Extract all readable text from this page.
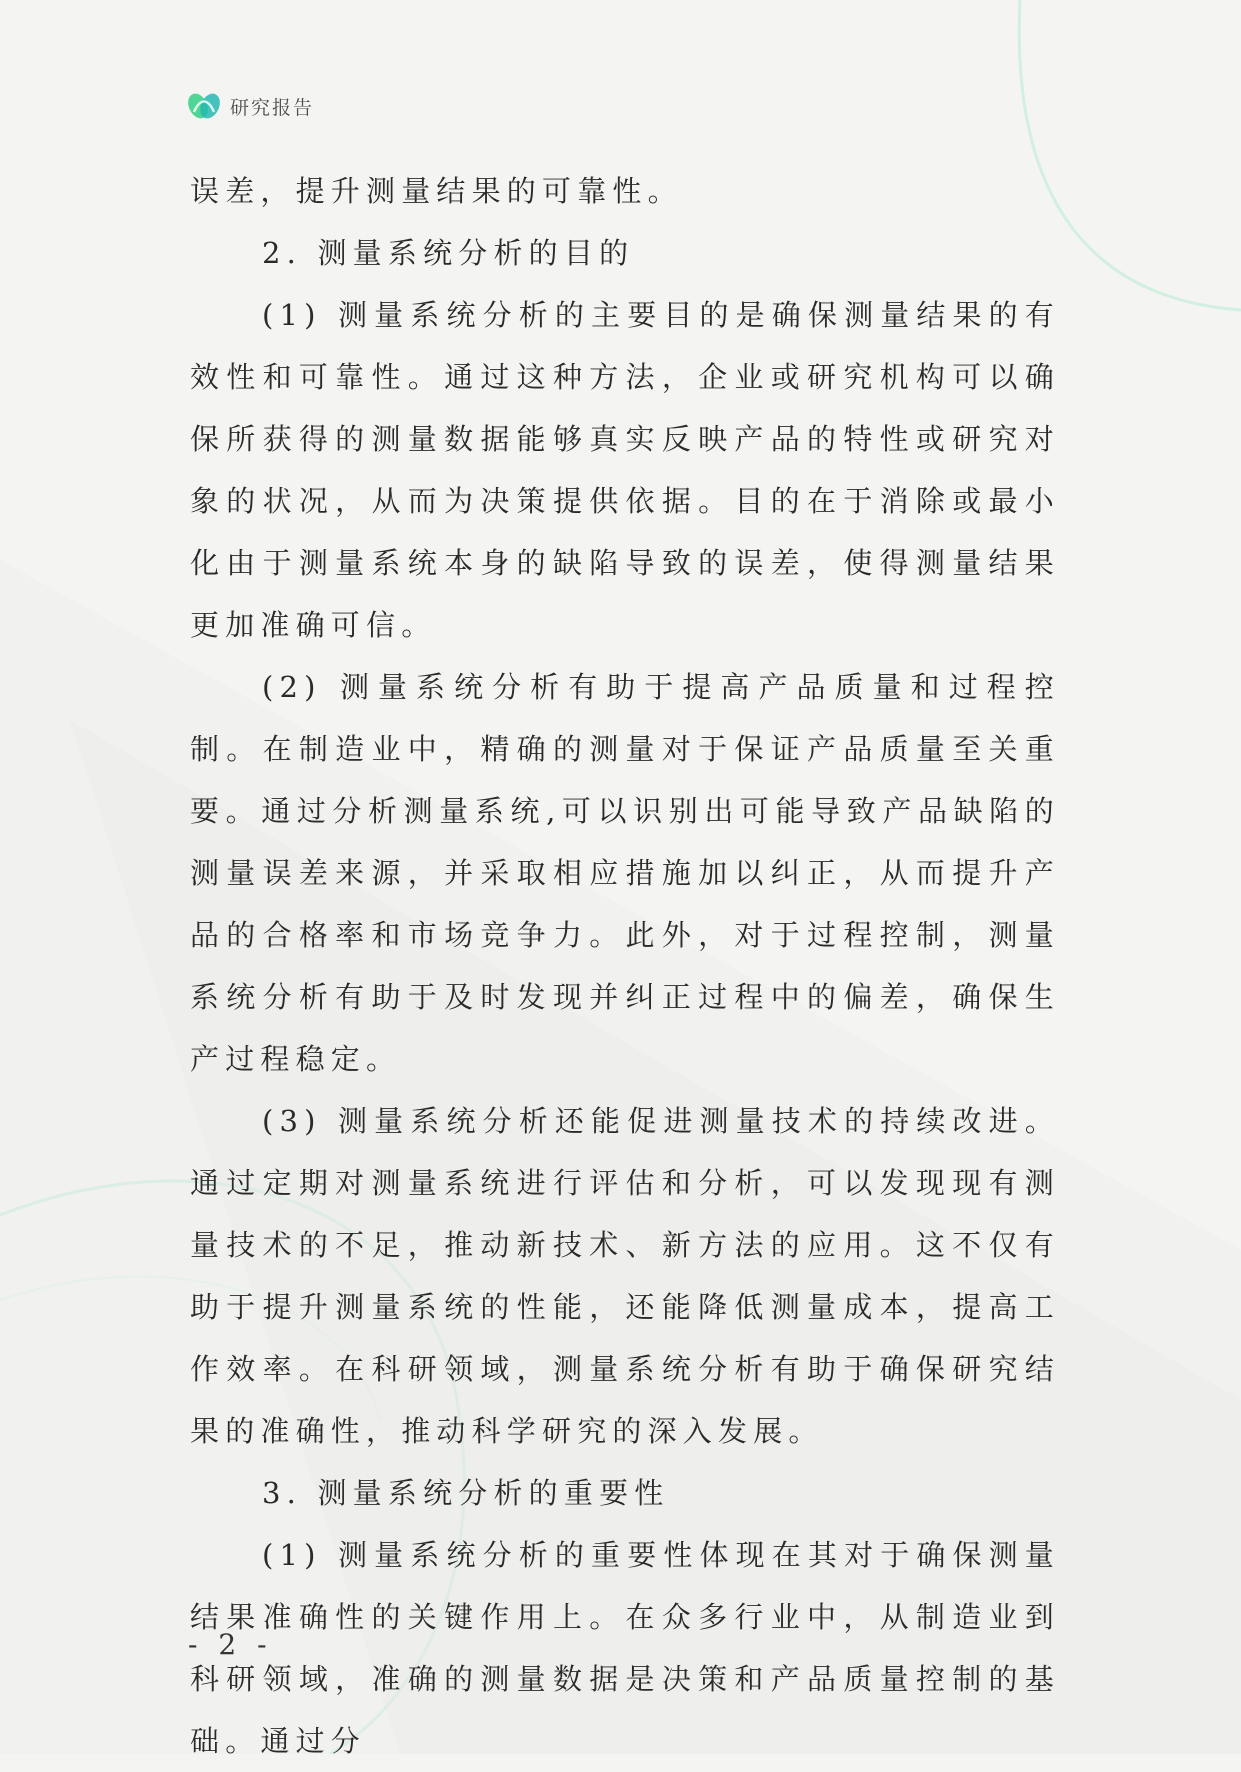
研究报告

误差，提升测量结果的可靠性。

2. 测量系统分析的目的

(1) 测量系统分析的主要目的是确保测量结果的有效性和可靠性。通过这种方法，企业或研究机构可以确保所获得的测量数据能够真实反映产品的特性或研究对象的状况，从而为决策提供依据。目的在于消除或最小化由于测量系统本身的缺陷导致的误差，使得测量结果更加准确可信。

(2) 测量系统分析有助于提高产品质量和过程控制。在制造业中，精确的测量对于保证产品质量至关重要。通过分析测量系统,可以识别出可能导致产品缺陷的测量误差来源，并采取相应措施加以纠正，从而提升产品的合格率和市场竞争力。此外，对于过程控制，测量系统分析有助于及时发现并纠正过程中的偏差，确保生产过程稳定。

(3) 测量系统分析还能促进测量技术的持续改进。通过定期对测量系统进行评估和分析，可以发现现有测量技术的不足，推动新技术、新方法的应用。这不仅有助于提升测量系统的性能，还能降低测量成本，提高工作效率。在科研领域，测量系统分析有助于确保研究结果的准确性，推动科学研究的深入发展。

3. 测量系统分析的重要性

(1) 测量系统分析的重要性体现在其对于确保测量结果准确性的关键作用上。在众多行业中，从制造业到科研领域，准确的测量数据是决策和产品质量控制的基础。通过分

- 2 -
